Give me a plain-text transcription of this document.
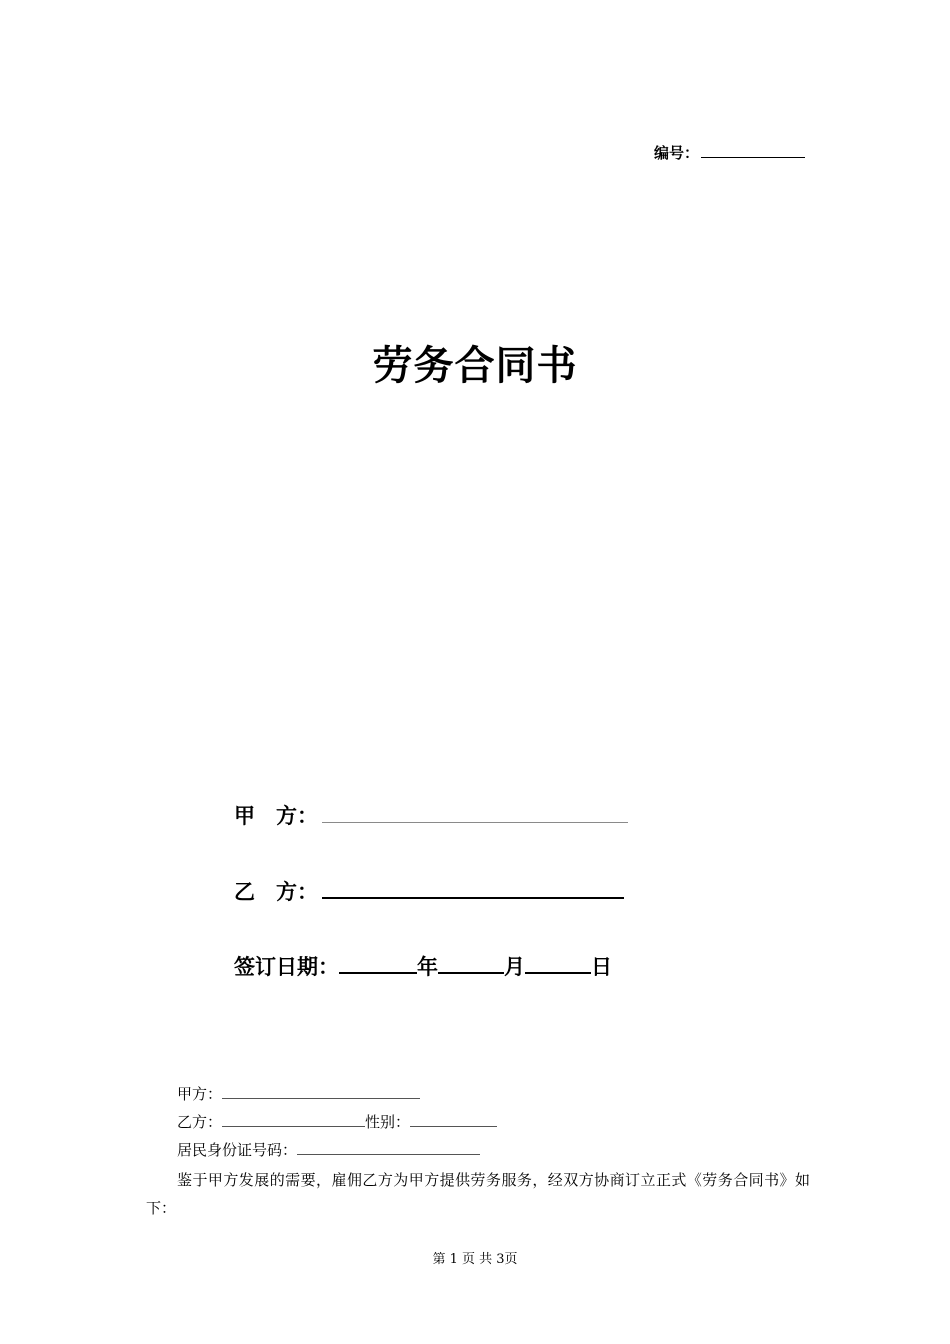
编号：
劳务合同书
甲　方：
乙　方：
签订日期：	年	月	日
甲方：
乙方：	性别：
居民身份证号码：
鉴于甲方发展的需要，雇佣乙方为甲方提供劳务服务，经双方协商订立正式《劳务合同书》如下：
第 1 页 共 3页
